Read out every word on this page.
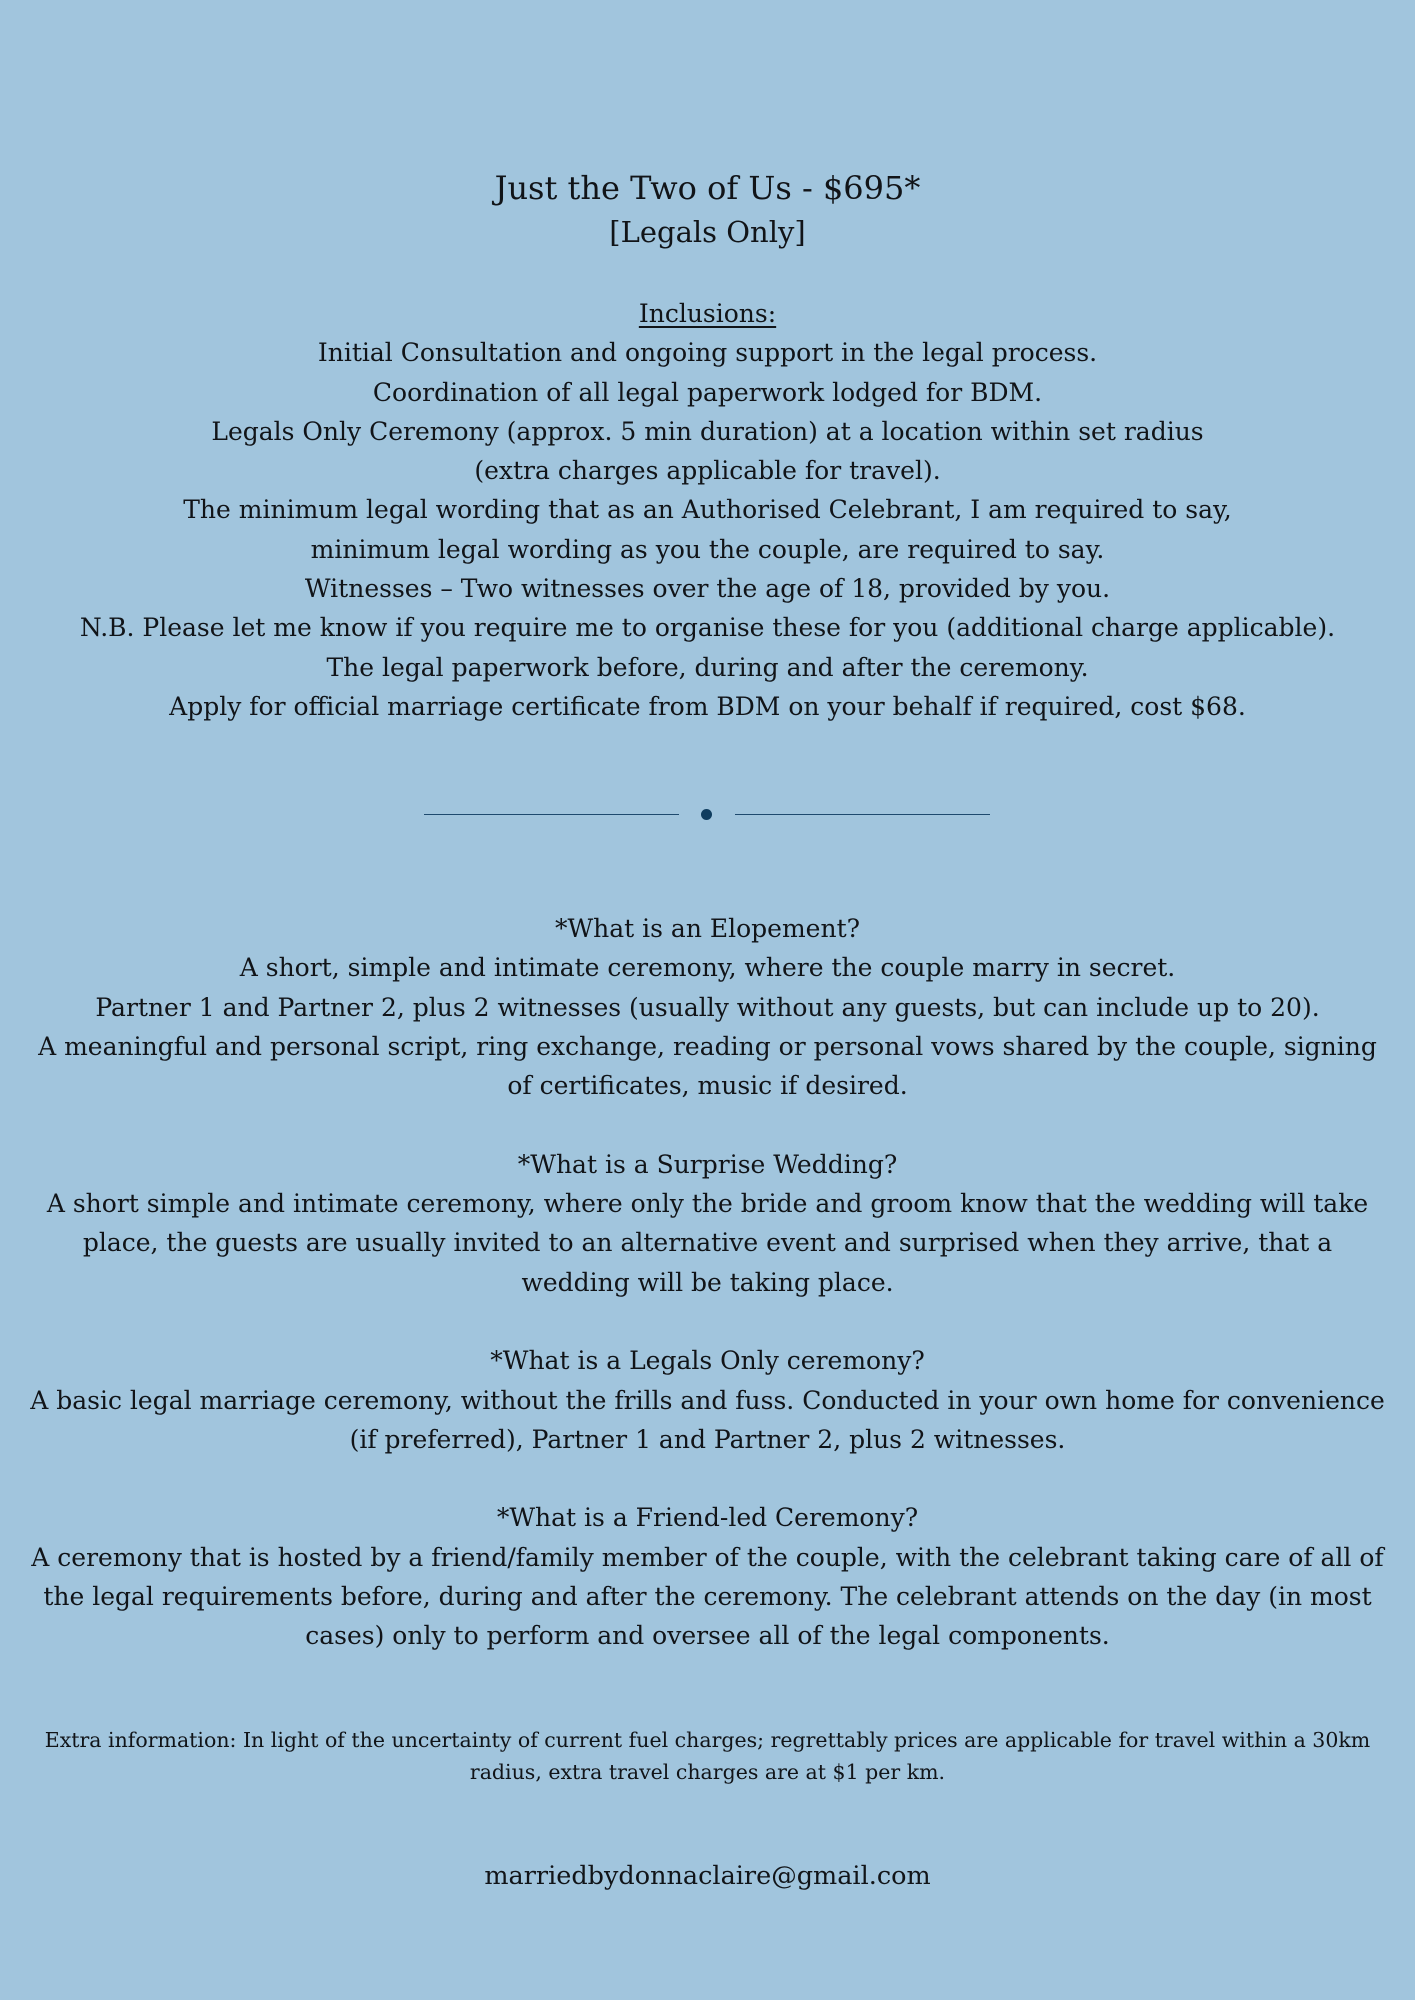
Just the Two of Us - $695*

[Legals Only]

Inclusions:

Initial Consultation and ongoing support in the legal process.

Coordination of all legal paperwork lodged for BDM.

Legals Only Ceremony (approx. 5 min duration) at a location within set radius

(extra charges applicable for travel).

The minimum legal wording that as an Authorised Celebrant, I am required to say,

minimum legal wording as you the couple, are required to say.

Witnesses – Two witnesses over the age of 18, provided by you.

N.B. Please let me know if you require me to organise these for you (additional charge applicable).

The legal paperwork before, during and after the ceremony.

Apply for official marriage certificate from BDM on your behalf if required, cost $68.

*What is an Elopement?

A short, simple and intimate ceremony, where the couple marry in secret.

Partner 1 and Partner 2, plus 2 witnesses (usually without any guests, but can include up to 20).

A meaningful and personal script, ring exchange, reading or personal vows shared by the couple, signing of certificates, music if desired.

*What is a Surprise Wedding?

A short simple and intimate ceremony, where only the bride and groom know that the wedding will take place, the guests are usually invited to an alternative event and surprised when they arrive, that a wedding will be taking place.

*What is a Legals Only ceremony?

A basic legal marriage ceremony, without the frills and fuss. Conducted in your own home for convenience (if preferred), Partner 1 and Partner 2, plus 2 witnesses.

*What is a Friend-led Ceremony?

A ceremony that is hosted by a friend/family member of the couple, with the celebrant taking care of all of the legal requirements before, during and after the ceremony. The celebrant attends on the day (in most cases) only to perform and oversee all of the legal components.

Extra information: In light of the uncertainty of current fuel charges; regrettably prices are applicable for travel within a 30km radius, extra travel charges are at $1 per km.

marriedbydonnaclaire@gmail.com
